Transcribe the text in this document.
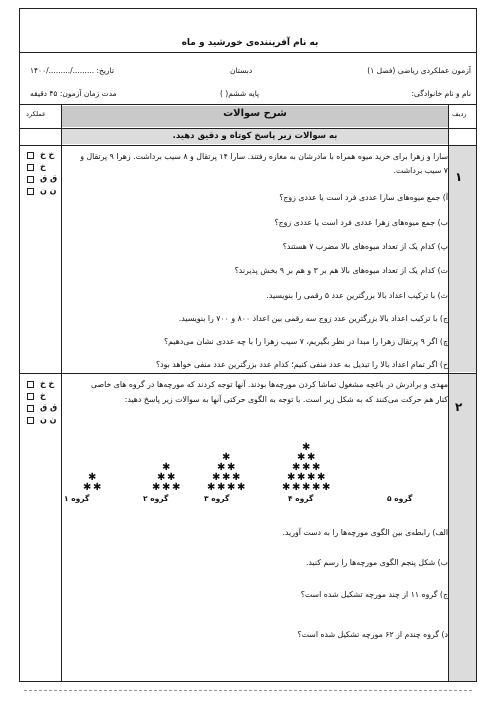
به نام آفریننده‌ی خورشید و ماه
آزمون عملکردی ریاضی (فصل ۱)
دبستان
تاریخ: ........./........./۱۴۰۰
نام و نام خانوادگی:
پایه ششم( )
مدت زمان آزمون: ۴۵ دقیقه
ردیف
شرح سوالات
عملکرد
به سوالات زیر پاسخ کوتاه و دقیق دهید.
۱
خ خ
خ
ق ق
ن ن
سارا و زهرا برای خرید میوه همراه با مادرشان به مغازه رفتند. سارا ۱۴ پرتقال و ۸ سیب برداشت. زهرا ۹ پرتقال و
۷ سیب برداشت.
آ) جمع میوه‌های سارا عددی فرد است یا عددی زوج؟
ب) جمع میوه‌های زهرا عددی فرد است یا عددی زوج؟
پ) کدام یک از تعداد میوه‌های بالا مضرب ۷ هستند؟
ت) کدام یک از تعداد میوه‌های بالا هم بر ۳ و هم بر ۹ بخش پذیرند؟
ث) با ترکیب اعداد بالا بزرگترین عدد ۵ رقمی را بنویسید.
ج) با ترکیب اعداد بالا بزرگترین عدد زوج سه رقمی بین اعداد ۸۰۰ و ۷۰۰ را بنویسید.
چ) اگر ۹ پرتقال زهرا را مبدا در نظر بگیریم، ۷ سیب زهرا را با چه عددی نشان می‌دهیم؟
ح) اگر تمام اعداد بالا را تبدیل به عدد منفی کنیم؛ کدام عدد بزرگترین عدد منفی خواهد بود؟
۲
خ خ
خ
ق ق
ن ن
مهدی و برادرش در باغچه مشغول تماشا کردن مورچه‌ها بودند. آنها توجه کردند که مورچه‌ها در گروه های خاصی
کنار هم حرکت می‌کنند که به شکل زیر است. با توجه به الگوی حرکتی آنها به سوالات زیر پاسخ دهید:
✱ ✱
✱
✱ ✱ ✱
✱ ✱
✱
✱ ✱ ✱ ✱
✱ ✱ ✱
✱ ✱
✱
✱ ✱ ✱ ✱ ✱
✱ ✱ ✱ ✱
✱ ✱ ✱
✱ ✱
✱
گروه ۱	گروه ۲	گروه ۳	گروه ۴	گروه ۵
الف) رابطه‌ی بین الگوی مورچه‌ها را به دست آورید.
ب) شکل پنجم الگوی مورچه‌ها را رسم کنید.
ج) گروه ۱۱ از چند مورچه تشکیل شده است؟
د) گروه چندم از ۶۲ مورچه تشکیل شده است؟
